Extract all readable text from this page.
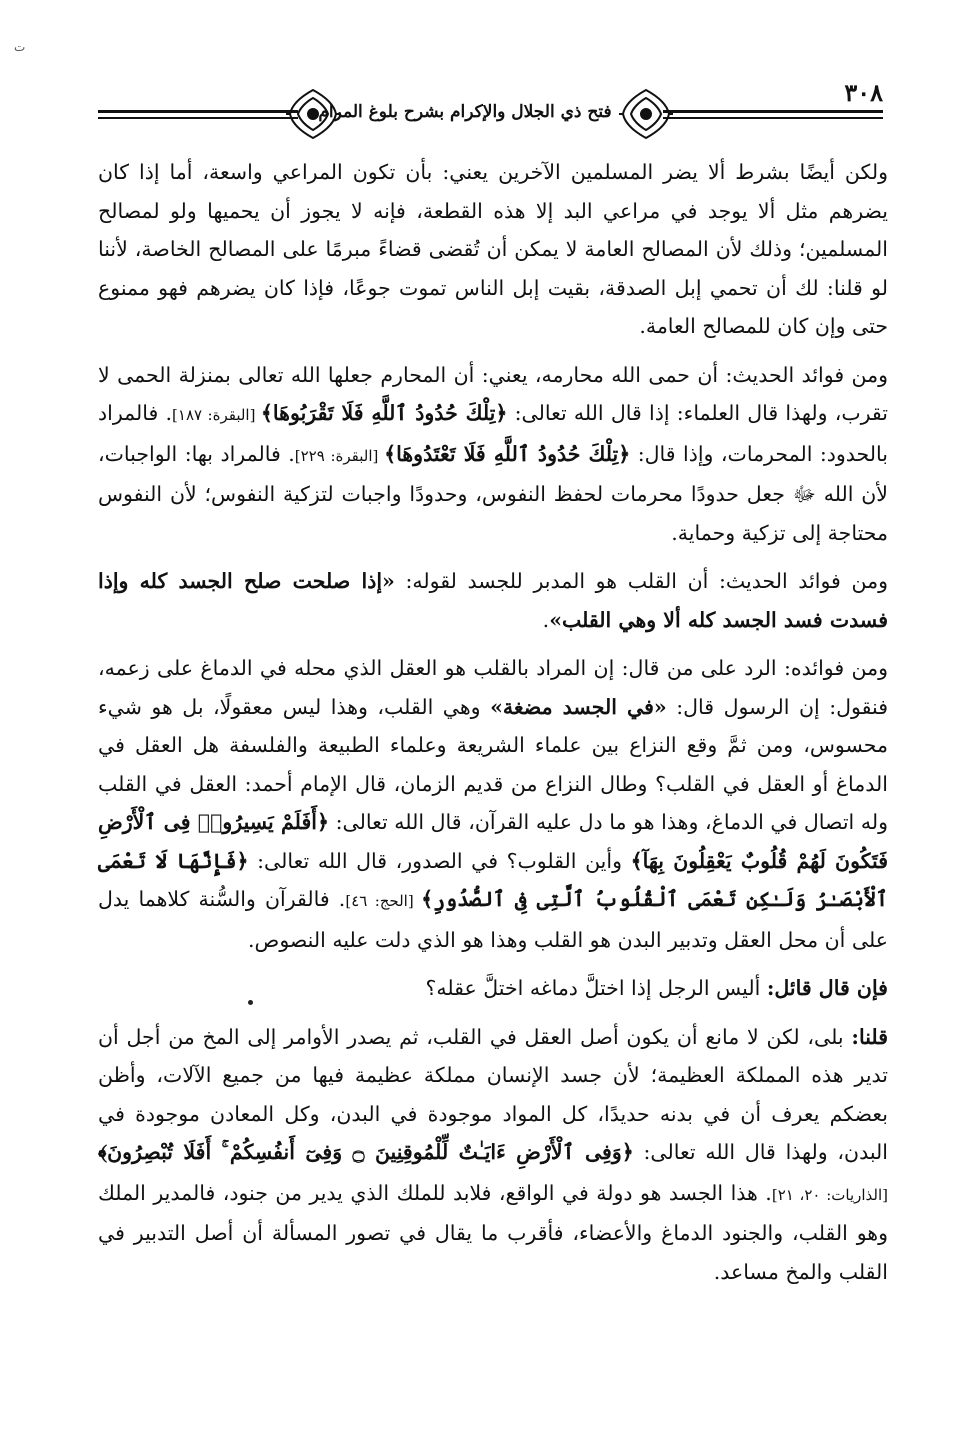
ت
٣٠٨
فتح ذي الجلال والإكرام بشرح بلوغ المرام

ولكن أيضًا بشرط ألا يضر المسلمين الآخرين يعني: بأن تكون المراعي واسعة، أما إذا كان يضرهم مثل ألا يوجد في مراعي البد إلا هذه القطعة، فإنه لا يجوز أن يحميها ولو لمصالح المسلمين؛ وذلك لأن المصالح العامة لا يمكن أن تُقضى قضاءً مبرمًا على المصالح الخاصة، لأننا لو قلنا: لك أن تحمي إبل الصدقة، بقيت إبل الناس تموت جوعًا، فإذا كان يضرهم فهو ممنوع حتى وإن كان للمصالح العامة.

ومن فوائد الحديث: أن حمى الله محارمه، يعني: أن المحارم جعلها الله تعالى بمنزلة الحمى لا تقرب، ولهذا قال العلماء: إذا قال الله تعالى: ﴿تِلْكَ حُدُودُ ٱللَّهِ فَلَا تَقْرَبُوهَا﴾ [البقرة: ١٨٧]. فالمراد بالحدود: المحرمات، وإذا قال: ﴿تِلْكَ حُدُودُ ٱللَّهِ فَلَا تَعْتَدُوهَا﴾ [البقرة: ٢٢٩]. فالمراد بها: الواجبات، لأن الله ﷻ جعل حدودًا محرمات لحفظ النفوس، وحدودًا واجبات لتزكية النفوس؛ لأن النفوس محتاجة إلى تزكية وحماية.

ومن فوائد الحديث: أن القلب هو المدبر للجسد لقوله: «إذا صلحت صلح الجسد كله وإذا فسدت فسد الجسد كله ألا وهي القلب».

ومن فوائده: الرد على من قال: إن المراد بالقلب هو العقل الذي محله في الدماغ على زعمه، فنقول: إن الرسول قال: «في الجسد مضغة» وهي القلب، وهذا ليس معقولًا، بل هو شيء محسوس، ومن ثمَّ وقع النزاع بين علماء الشريعة وعلماء الطبيعة والفلسفة هل العقل في الدماغ أو العقل في القلب؟ وطال النزاع من قديم الزمان، قال الإمام أحمد: العقل في القلب وله اتصال في الدماغ، وهذا هو ما دل عليه القرآن، قال الله تعالى: ﴿أَفَلَمْ يَسِيرُوا۟ فِى ٱلْأَرْضِ فَتَكُونَ لَهُمْ قُلُوبٌ يَعْقِلُونَ بِهَآ﴾ وأين القلوب؟ في الصدور، قال الله تعالى: ﴿فَإِنَّهَا لَا تَعْمَى ٱلْأَبْصَـٰرُ وَلَـٰكِن تَعْمَى ٱلْقُلُوبُ ٱلَّتِى فِى ٱلصُّدُورِ﴾ [الحج: ٤٦]. فالقرآن والسُّنة كلاهما يدل على أن محل العقل وتدبير البدن هو القلب وهذا هو الذي دلت عليه النصوص.

فإن قال قائل: أليس الرجل إذا اختلَّ دماغه اختلَّ عقله؟

قلنا: بلى، لكن لا مانع أن يكون أصل العقل في القلب، ثم يصدر الأوامر إلى المخ من أجل أن تدير هذه المملكة العظيمة؛ لأن جسد الإنسان مملكة عظيمة فيها من جميع الآلات، وأظن بعضكم يعرف أن في بدنه حديدًا، كل المواد موجودة في البدن، وكل المعادن موجودة في البدن، ولهذا قال الله تعالى: ﴿وَفِى ٱلْأَرْضِ ءَايَـٰتٌ لِّلْمُوقِنِينَ ۝ وَفِىٓ أَنفُسِكُمْ ۚ أَفَلَا تُبْصِرُونَ﴾ [الذاريات: ٢٠، ٢١]. هذا الجسد هو دولة في الواقع، فلابد للملك الذي يدير من جنود، فالمدير الملك وهو القلب، والجنود الدماغ والأعضاء، فأقرب ما يقال في تصور المسألة أن أصل التدبير في القلب والمخ مساعد.
